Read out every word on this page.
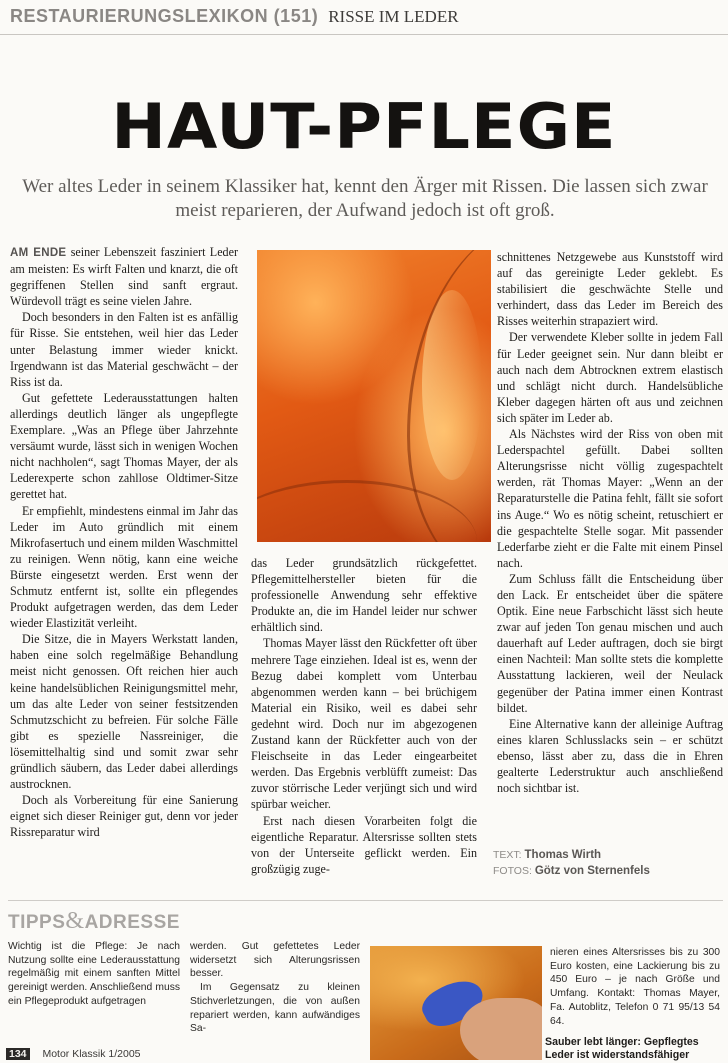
RESTAURIERUNGSLEXIKON (151) RISSE IM LEDER
HAUT-PFLEGE
Wer altes Leder in seinem Klassiker hat, kennt den Ärger mit Rissen. Die lassen sich zwar meist reparieren, der Aufwand jedoch ist oft groß.

AM ENDE seiner Lebenszeit fasziniert Leder am meisten: Es wirft Falten und knarzt, die oft gegriffenen Stellen sind sanft ergraut. Würdevoll trägt es seine vielen Jahre.

Doch besonders in den Falten ist es anfällig für Risse. Sie entstehen, weil hier das Leder unter Belastung immer wieder knickt. Irgendwann ist das Material geschwächt – der Riss ist da.

Gut gefettete Lederausstattungen halten allerdings deutlich länger als ungepflegte Exemplare. „Was an Pflege über Jahrzehnte versäumt wurde, lässt sich in wenigen Wochen nicht nachholen“, sagt Thomas Mayer, der als Lederexperte schon zahllose Oldtimer-Sitze gerettet hat.

Er empfiehlt, mindestens einmal im Jahr das Leder im Auto gründlich mit einem Mikrofasertuch und einem milden Waschmittel zu reinigen. Wenn nötig, kann eine weiche Bürste eingesetzt werden. Erst wenn der Schmutz entfernt ist, sollte ein pflegendes Produkt aufgetragen werden, das dem Leder wieder Elastizität verleiht.

Die Sitze, die in Mayers Werkstatt landen, haben eine solch regelmäßige Behandlung meist nicht genossen. Oft reichen hier auch keine handelsüblichen Reinigungsmittel mehr, um das alte Leder von seiner festsitzenden Schmutzschicht zu befreien. Für solche Fälle gibt es spezielle Nassreiniger, die lösemittelhaltig sind und somit zwar sehr gründlich säubern, das Leder dabei allerdings austrocknen.

Doch als Vorbereitung für eine Sanierung eignet sich dieser Reiniger gut, denn vor jeder Rissreparatur wird

das Leder grundsätzlich rückgefettet. Pflegemittelhersteller bieten für die professionelle Anwendung sehr effektive Produkte an, die im Handel leider nur schwer erhältlich sind.

Thomas Mayer lässt den Rückfetter oft über mehrere Tage einziehen. Ideal ist es, wenn der Bezug dabei komplett vom Unterbau abgenommen werden kann – bei brüchigem Material ein Risiko, weil es dabei sehr gedehnt wird. Doch nur im abgezogenen Zustand kann der Rückfetter auch von der Fleischseite in das Leder eingearbeitet werden. Das Ergebnis verblüfft zumeist: Das zuvor störrische Leder verjüngt sich und wird spürbar weicher.

Erst nach diesen Vorarbeiten folgt die eigentliche Reparatur. Altersrisse sollten stets von der Unterseite geflickt werden. Ein großzügig zuge-

schnittenes Netzgewebe aus Kunststoff wird auf das gereinigte Leder geklebt. Es stabilisiert die geschwächte Stelle und verhindert, dass das Leder im Bereich des Risses weiterhin strapaziert wird.

Der verwendete Kleber sollte in jedem Fall für Leder geeignet sein. Nur dann bleibt er auch nach dem Abtrocknen extrem elastisch und schlägt nicht durch. Handelsübliche Kleber dagegen härten oft aus und zeichnen sich später im Leder ab.

Als Nächstes wird der Riss von oben mit Lederspachtel gefüllt. Dabei sollten Alterungsrisse nicht völlig zugespachtelt werden, rät Thomas Mayer: „Wenn an der Reparaturstelle die Patina fehlt, fällt sie sofort ins Auge.“ Wo es nötig scheint, retuschiert er die gespachtelte Stelle sogar. Mit passender Lederfarbe zieht er die Falte mit einem Pinsel nach.

Zum Schluss fällt die Entscheidung über den Lack. Er entscheidet über die spätere Optik. Eine neue Farbschicht lässt sich heute zwar auf jeden Ton genau mischen und auch dauerhaft auf Leder auftragen, doch sie birgt einen Nachteil: Man sollte stets die komplette Ausstattung lackieren, weil der Neulack gegenüber der Patina immer einen Kontrast bildet.

Eine Alternative kann der alleinige Auftrag eines klaren Schlusslacks sein – er schützt ebenso, lässt aber zu, dass die in Ehren gealterte Lederstruktur auch anschließend noch sichtbar ist.

TEXT: Thomas Wirth
FOTOS: Götz von Sternenfels
TIPPS&ADRESSE

Wichtig ist die Pflege: Je nach Nutzung sollte eine Lederausstattung regelmäßig mit einem sanften Mittel gereinigt werden. Anschließend muss ein Pflegeprodukt aufgetragen

werden. Gut gefettetes Leder widersetzt sich Alterungsrissen besser.

Im Gegensatz zu kleinen Stichverletzungen, die von außen repariert werden, kann aufwändiges Sa-

nieren eines Altersrisses bis zu 300 Euro kosten, eine Lackierung bis zu 450 Euro – je nach Größe und Umfang. Kontakt: Thomas Mayer, Fa. Autoblitz, Telefon 0 71 95/13 54 64.

Sauber lebt länger: Gepflegtes Leder ist widerstandsfähiger
134 Motor Klassik 1/2005
